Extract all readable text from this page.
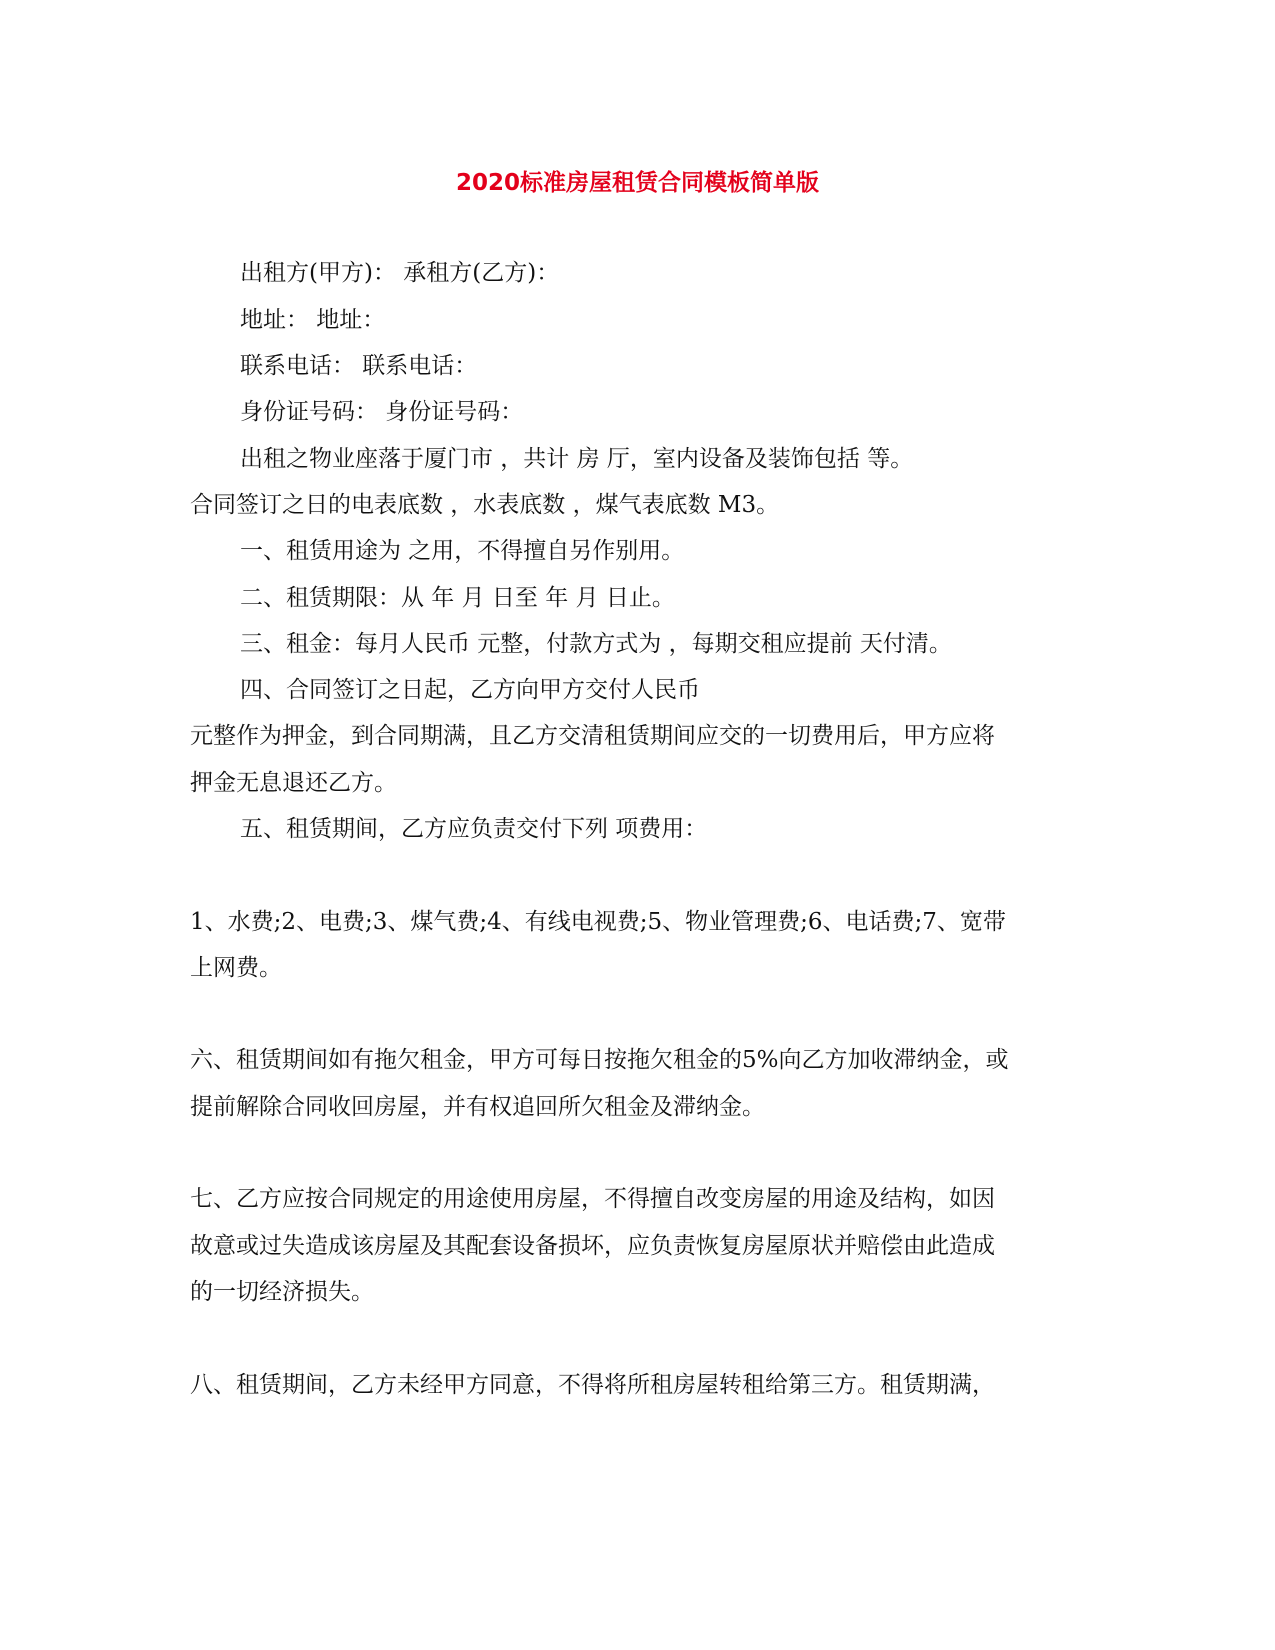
2020标准房屋租赁合同模板简单版
出租方(甲方)： 承租方(乙方)：
地址： 地址：
联系电话： 联系电话：
身份证号码： 身份证号码：
出租之物业座落于厦门市 ，共计 房 厅，室内设备及装饰包括 等。
合同签订之日的电表底数 ，水表底数 ，煤气表底数 M3。
一、租赁用途为 之用，不得擅自另作别用。
二、租赁期限：从 年 月 日至 年 月 日止。
三、租金：每月人民币 元整，付款方式为 ，每期交租应提前 天付清。
四、合同签订之日起，乙方向甲方交付人民币
元整作为押金，到合同期满，且乙方交清租赁期间应交的一切费用后，甲方应将
押金无息退还乙方。
五、租赁期间，乙方应负责交付下列 项费用：
1、水费;2、电费;3、煤气费;4、有线电视费;5、物业管理费;6、电话费;7、宽带
上网费。
六、租赁期间如有拖欠租金，甲方可每日按拖欠租金的5%向乙方加收滞纳金，或
提前解除合同收回房屋，并有权追回所欠租金及滞纳金。
七、乙方应按合同规定的用途使用房屋，不得擅自改变房屋的用途及结构，如因
故意或过失造成该房屋及其配套设备损坏，应负责恢复房屋原状并赔偿由此造成
的一切经济损失。
八、租赁期间，乙方未经甲方同意，不得将所租房屋转租给第三方。租赁期满，
